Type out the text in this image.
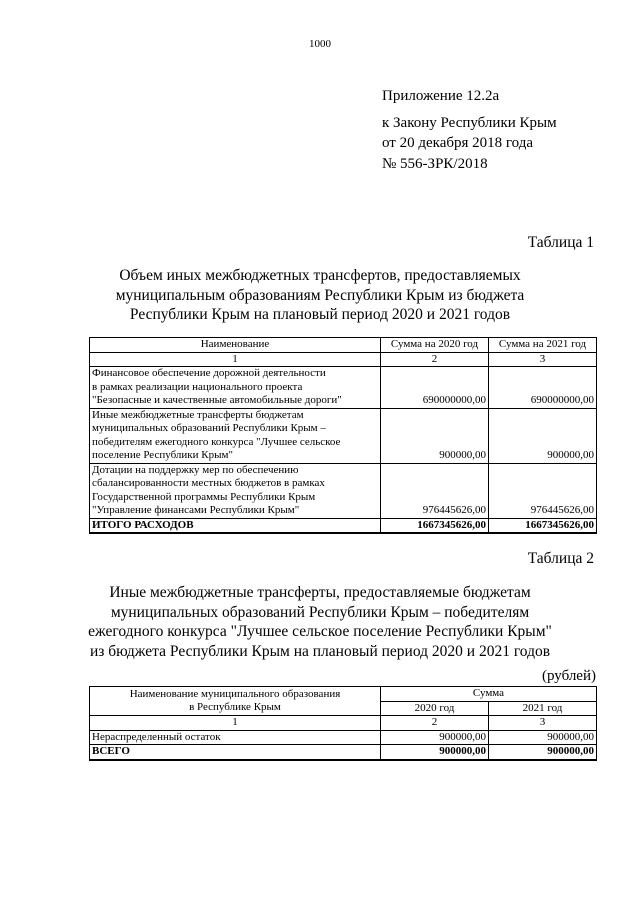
1000
Приложение 12.2а
к Закону Республики Крым
от 20 декабря 2018 года
№ 556-ЗРК/2018
Таблица 1
Объем иных межбюджетных трансфертов, предоставляемых
муниципальным образованиям Республики Крым из бюджета
Республики Крым на плановый период 2020 и 2021 годов
Наименование	Сумма на 2020 год	Сумма на 2021 год
1	2	3

Финансовое обеспечение дорожной деятельности
в рамках реализации национального проекта
"Безопасные и качественные автомобильные дороги"	690000000,00	690000000,00

Иные межбюджетные трансферты бюджетам
муниципальных образований Республики Крым –
победителям ежегодного конкурса "Лучшее сельское
поселение Республики Крым"	900000,00	900000,00

Дотации на поддержку мер по обеспечению
сбалансированности местных бюджетов в рамках
Государственной программы Республики Крым
"Управление финансами Республики Крым"	976445626,00	976445626,00
ИТОГО РАСХОДОВ	1667345626,00	1667345626,00
Таблица 2
Иные межбюджетные трансферты, предоставляемые бюджетам
муниципальных образований Республики Крым – победителям
ежегодного конкурса "Лучшее сельское поселение Республики Крым"
из бюджета Республики Крым на плановый период 2020 и 2021 годов
(рублей)
Наименование муниципального образования
в Республике Крым	Сумма	
	2020 год	2021 год
1	2	3
Нераспределенный остаток	900000,00	900000,00
ВСЕГО	900000,00	900000,00
